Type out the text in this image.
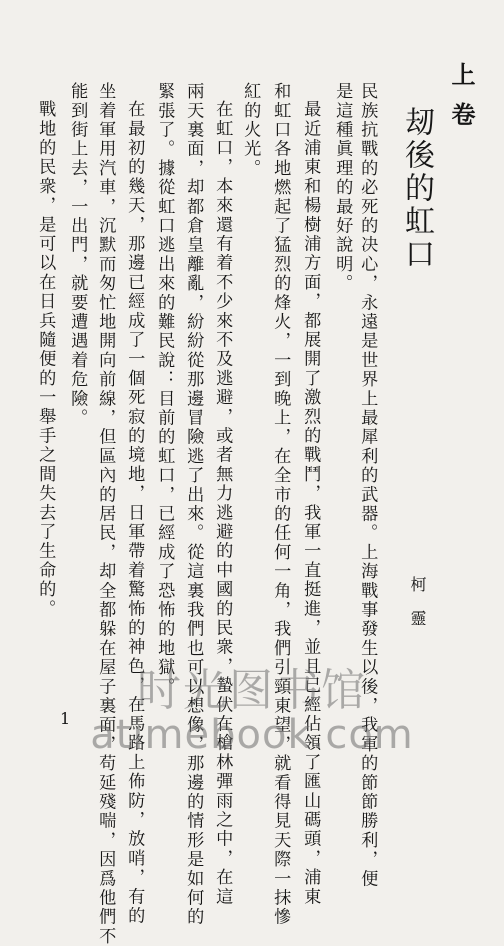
上卷
刼後的虹口
柯靈
民族抗戰的必死的决心，永遠是世界上最犀利的武器。上海戰事發生以後，我軍的節節勝利，便
是這種眞理的最好說明。
最近浦東和楊樹浦方面，都展開了激烈的戰鬥，我軍一直挺進，並且已經佔領了匯山碼頭，浦東
和虹口各地燃起了猛烈的烽火，一到晚上，在全市的任何一角，我們引頸東望，就看得見天際一抹慘
紅的火光。
在虹口，本來還有着不少來不及逃避，或者無力逃避的中國的民衆，蟄伏在槍林彈雨之中，在這
兩天裏面，却都倉皇離亂，紛紛從那邊冒險逃了出來。從這裏我們也可以想像，那邊的情形是如何的
緊張了。據從虹口逃出來的難民說：目前的虹口，已經成了恐怖的地獄。
在最初的幾天，那邊已經成了一個死寂的境地，日軍帶着驚怖的神色，在馬路上佈防，放哨，有的
坐着軍用汽車，沉默而匆忙地開向前線，但區內的居民，却全都躲在屋子裏面，苟延殘喘，因爲他們不
能到街上去，一出門，就要遭遇着危險。
戰地的民衆，是可以在日兵隨便的一舉手之間失去了生命的。
1
时光图书馆
atimebook.com
